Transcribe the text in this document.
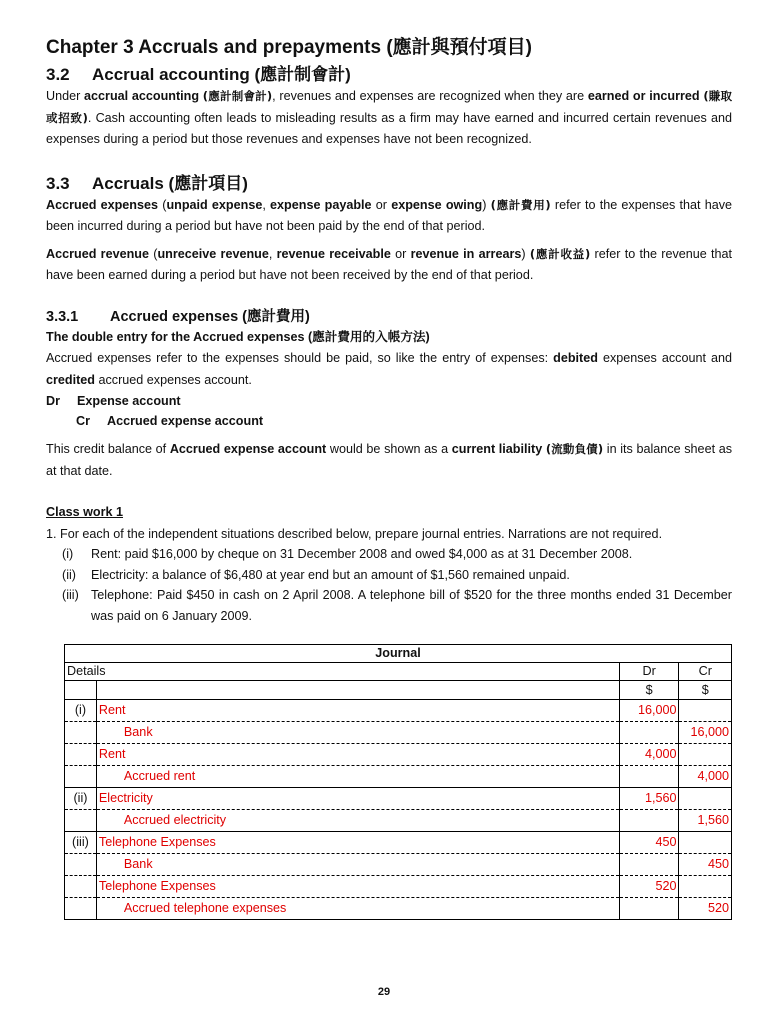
Chapter 3 Accruals and prepayments (應計與預付項目)
3.2 Accrual accounting (應計制會計)

Under accrual accounting (應計制會計), revenues and expenses are recognized when they are earned or incurred (賺取或招致). Cash accounting often leads to misleading results as a firm may have earned and incurred certain revenues and expenses during a period but those revenues and expenses have not been recognized.

3.3 Accruals (應計項目)

Accrued expenses (unpaid expense, expense payable or expense owing) (應計費用) refer to the expenses that have been incurred during a period but have not been paid by the end of that period.

Accrued revenue (unreceive revenue, revenue receivable or revenue in arrears) (應計收益) refer to the revenue that have been earned during a period but have not been received by the end of that period.

3.3.1 Accrued expenses (應計費用)

The double entry for the Accrued expenses (應計費用的入帳方法)

Accrued expenses refer to the expenses should be paid, so like the entry of expenses: debited expenses account and credited accrued expenses account.

Dr Expense account
Cr Accrued expense account

This credit balance of Accrued expense account would be shown as a current liability (流動負債) in its balance sheet as at that date.

Class work 1

1. For each of the independent situations described below, prepare journal entries. Narrations are not required.
(i)	Rent: paid $16,000 by cheque on 31 December 2008 and owed $4,000 as at 31 December 2008.
(ii)	Electricity: a balance of $6,480 at year end but an amount of $1,560 remained unpaid.
(iii) Telephone: Paid $450 in cash on 2 April 2008. A telephone bill of $520 for the three months ended 31 December was paid on 6 January 2009.
Journal			
Details		Dr	Cr
		$	$
(i)	Rent	16,000	
	Bank		16,000
	Rent	4,000	
	Accrued rent		4,000
(ii)	Electricity	1,560	
	Accrued electricity		1,560
(iii)	Telephone Expenses	450	
	Bank		450
	Telephone Expenses	520	
	Accrued telephone expenses		520
29
